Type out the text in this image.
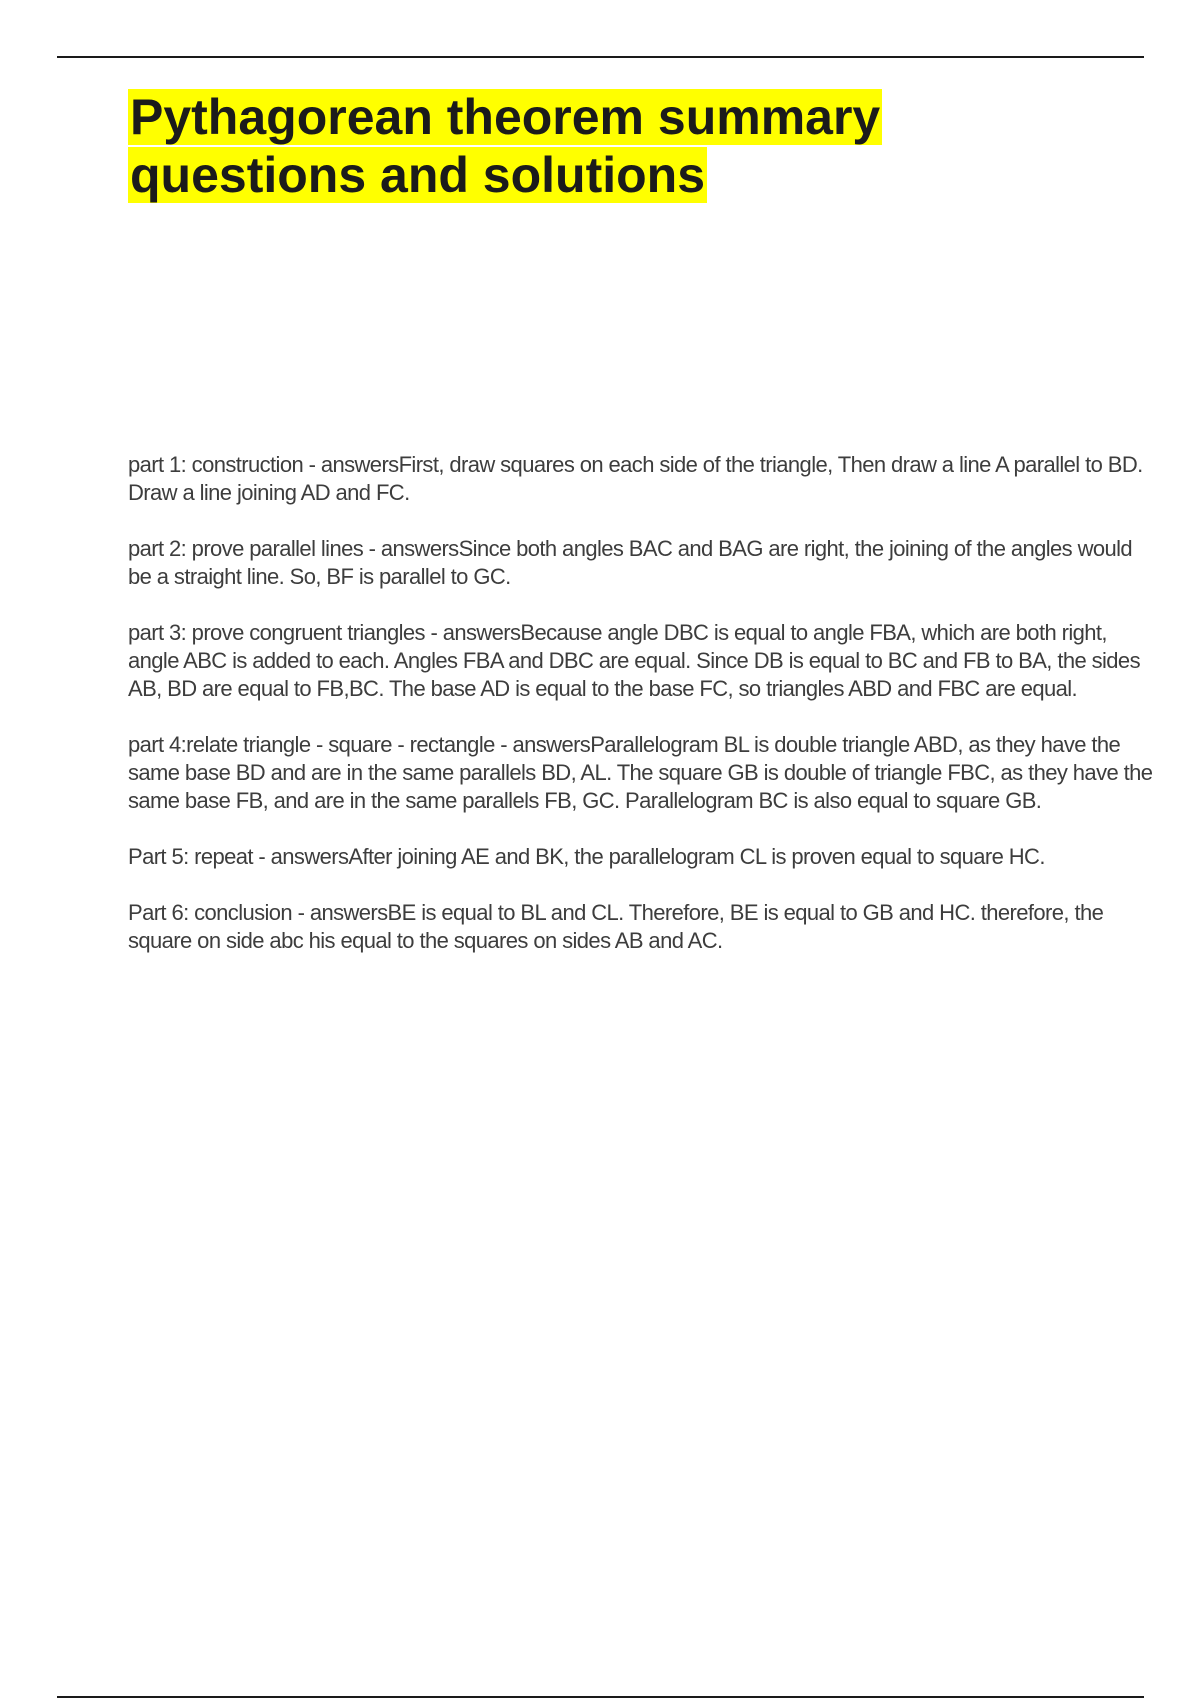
Pythagorean theorem summary questions and solutions
part 1: construction - answersFirst, draw squares on each side of the triangle, Then draw a line A parallel to BD. Draw a line joining AD and FC.
part 2: prove parallel lines - answersSince both angles BAC and BAG are right, the joining of the angles would be a straight line. So, BF is parallel to GC.
part 3: prove congruent triangles - answersBecause angle DBC is equal to angle FBA, which are both right, angle ABC is added to each. Angles FBA and DBC are equal. Since DB is equal to BC and FB to BA, the sides AB, BD are equal to FB,BC. The base AD is equal to the base FC, so triangles ABD and FBC are equal.
part 4:relate triangle - square - rectangle - answersParallelogram BL is double triangle ABD, as they have the same base BD and are in the same parallels BD, AL. The square GB is double of triangle FBC, as they have the same base FB, and are in the same parallels FB, GC. Parallelogram BC is also equal to square GB.
Part 5: repeat - answersAfter joining AE and BK, the parallelogram CL is proven equal to square HC.
Part 6: conclusion - answersBE is equal to BL and CL. Therefore, BE is equal to GB and HC. therefore, the square on side abc his equal to the squares on sides AB and AC.
